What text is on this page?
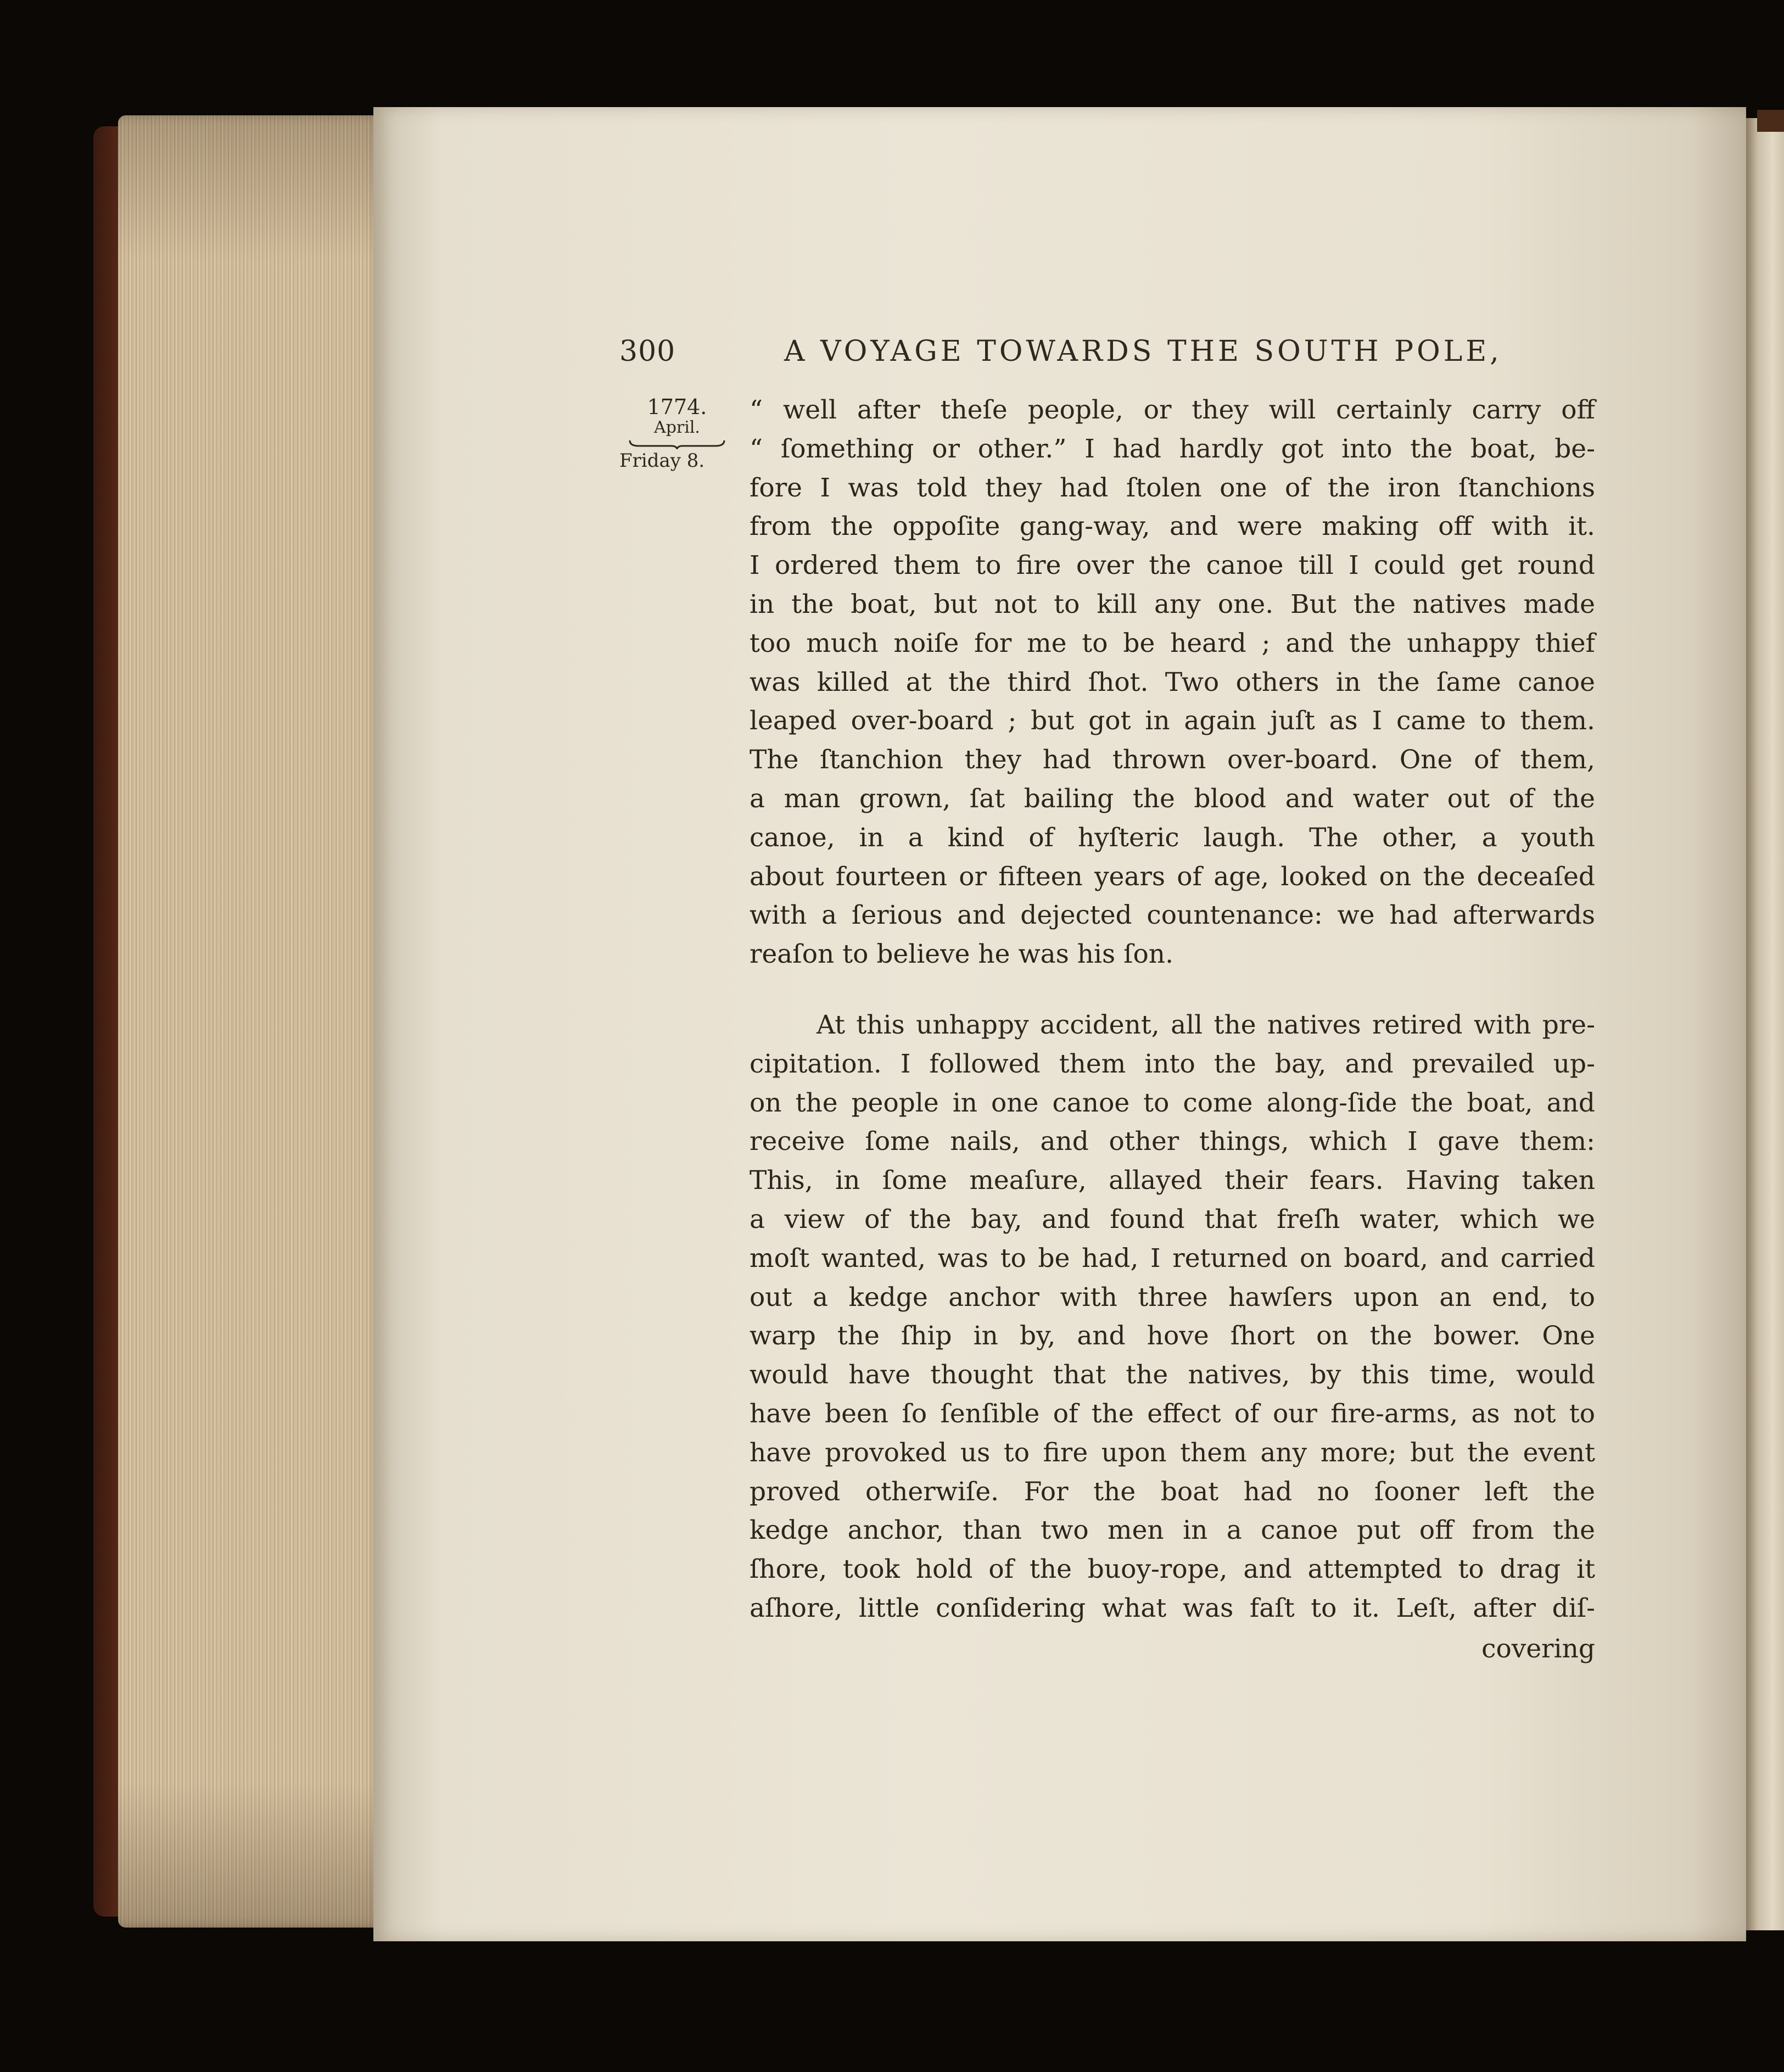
300	A VOYAGE TOWARDS THE SOUTH POLE,
1774.
April.
Friday 8.
“ well after theſe people, or they will certainly carry off
“ ſomething or other.” I had hardly got into the boat, be-
fore I was told they had ſtolen one of the iron ſtanchions
from the oppoſite gang-way, and were making off with it.
I ordered them to fire over the canoe till I could get round
in the boat, but not to kill any one. But the natives made
too much noiſe for me to be heard ; and the unhappy thief
was killed at the third ſhot. Two others in the ſame canoe
leaped over-board ; but got in again juſt as I came to them.
The ſtanchion they had thrown over-board. One of them,
a man grown, ſat bailing the blood and water out of the
canoe, in a kind of hyſteric laugh. The other, a youth
about fourteen or fifteen years of age, looked on the deceaſed
with a ſerious and dejected countenance: we had afterwards
reaſon to believe he was his ſon.
At this unhappy accident, all the natives retired with pre-
cipitation. I followed them into the bay, and prevailed up-
on the people in one canoe to come along-ſide the boat, and
receive ſome nails, and other things, which I gave them:
This, in ſome meaſure, allayed their fears. Having taken
a view of the bay, and found that freſh water, which we
moſt wanted, was to be had, I returned on board, and carried
out a kedge anchor with three hawſers upon an end, to
warp the ſhip in by, and hove ſhort on the bower. One
would have thought that the natives, by this time, would
have been ſo ſenſible of the effect of our fire-arms, as not to
have provoked us to fire upon them any more; but the event
proved otherwiſe. For the boat had no ſooner left the
kedge anchor, than two men in a canoe put off from the
ſhore, took hold of the buoy-rope, and attempted to drag it
aſhore, little conſidering what was faſt to it. Leſt, after diſ-
covering
